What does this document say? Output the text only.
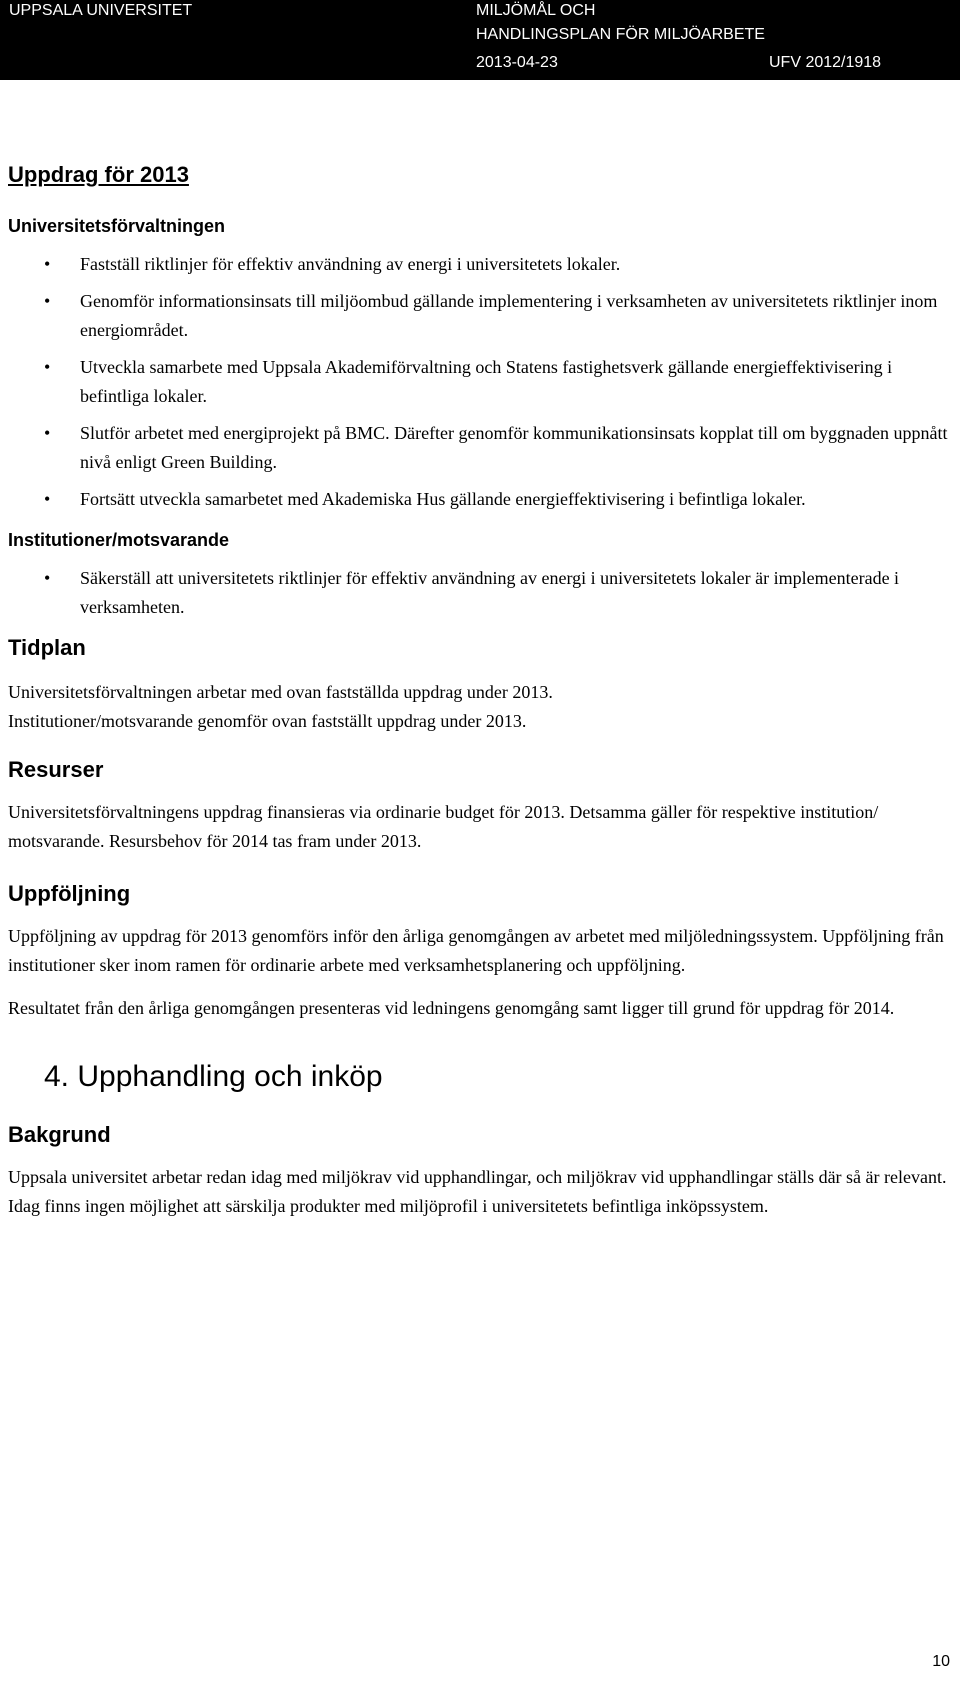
UPPSALA UNIVERSITET	MILJÖMÅL OCH
HANDLINGSPLAN FÖR MILJÖARBETE
2013-04-23	UFV 2012/1918
Uppdrag för 2013
Universitetsförvaltningen
• Fastställ riktlinjer för effektiv användning av energi i universitetets lokaler.
• Genomför informationsinsats till miljöombud gällande implementering i verksamheten av universitetets riktlinjer inom energiområdet.
• Utveckla samarbete med Uppsala Akademiförvaltning och Statens fastighetsverk gällande energieffektivisering i befintliga lokaler.
• Slutför arbetet med energiprojekt på BMC. Därefter genomför kommunikationsinsats kopplat till om byggnaden uppnått nivå enligt Green Building.
• Fortsätt utveckla samarbetet med Akademiska Hus gällande energieffektivisering i befintliga lokaler.
Institutioner/motsvarande
• Säkerställ att universitetets riktlinjer för effektiv användning av energi i universitetets lokaler är implementerade i verksamheten.
Tidplan

Universitetsförvaltningen arbetar med ovan fastställda uppdrag under 2013.

Institutioner/motsvarande genomför ovan fastställt uppdrag under 2013.

Resurser

Universitetsförvaltningens uppdrag finansieras via ordinarie budget för 2013. Detsamma gäller för respektive institution/ motsvarande. Resursbehov för 2014 tas fram under 2013.

Uppföljning

Uppföljning av uppdrag för 2013 genomförs inför den årliga genomgången av arbetet med miljöledningssystem. Uppföljning från institutioner sker inom ramen för ordinarie arbete med verksamhetsplanering och uppföljning.

Resultatet från den årliga genomgången presenteras vid ledningens genomgång samt ligger till grund för uppdrag för 2014.

4. Upphandling och inköp
Bakgrund

Uppsala universitet arbetar redan idag med miljökrav vid upphandlingar, och miljökrav vid upphandlingar ställs där så är relevant. Idag finns ingen möjlighet att särskilja produkter med miljöprofil i universitetets befintliga inköpssystem.

10
